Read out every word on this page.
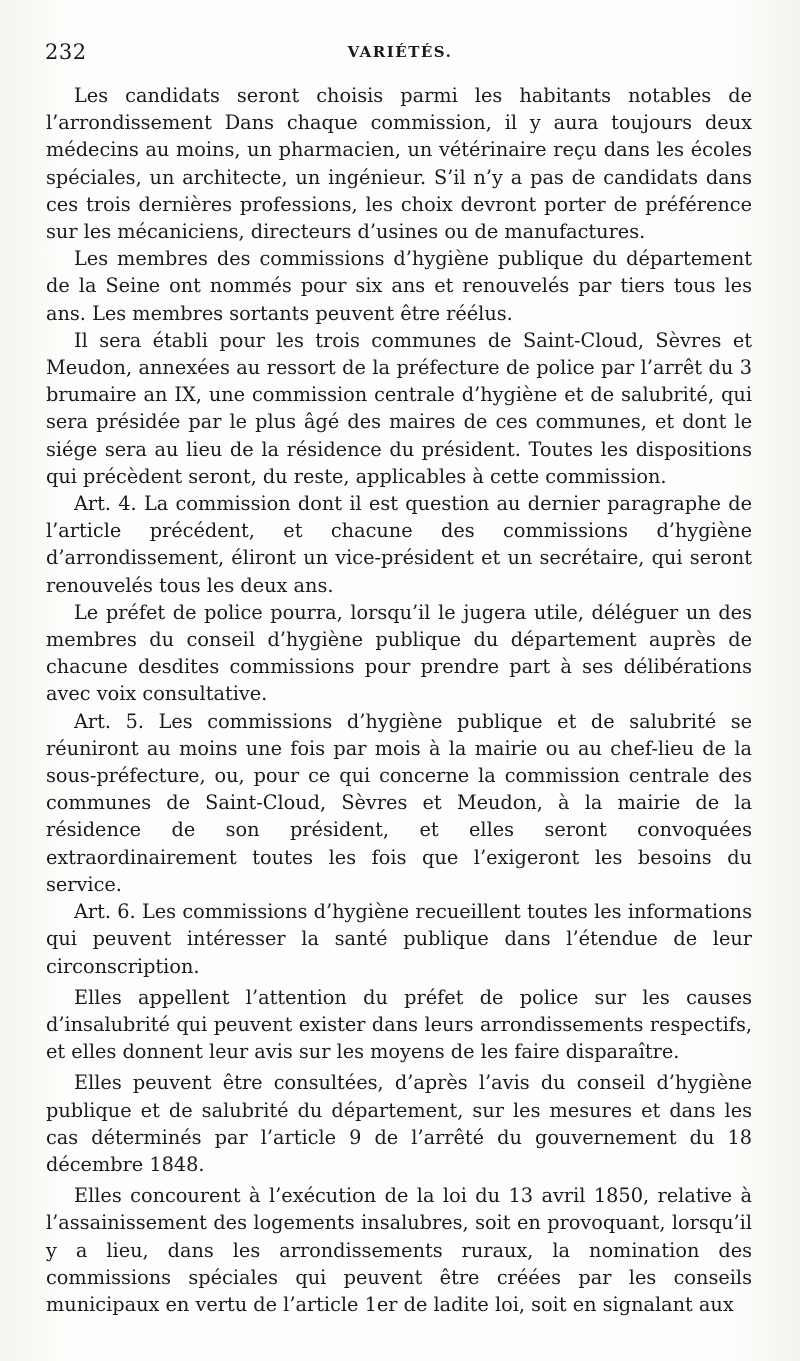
232	VARIÉTÉS.

Les candidats seront choisis parmi les habitants notables de l’arrondissement Dans chaque commission, il y aura toujours deux médecins au moins, un pharmacien, un vétérinaire reçu dans les écoles spéciales, un architecte, un ingénieur. S’il n’y a pas de candidats dans ces trois dernières professions, les choix devront porter de préférence sur les mécaniciens, directeurs d’usines ou de manufactures.

Les membres des commissions d’hygiène publique du département de la Seine ont nommés pour six ans et renouvelés par tiers tous les ans. Les membres sortants peuvent être réélus.

Il sera établi pour les trois communes de Saint-Cloud, Sèvres et Meudon, annexées au ressort de la préfecture de police par l’arrêt du 3 brumaire an IX, une commission centrale d’hygiène et de salubrité, qui sera présidée par le plus âgé des maires de ces communes, et dont le siége sera au lieu de la résidence du président. Toutes les dispositions qui précèdent seront, du reste, applicables à cette commission.

Art. 4. La commission dont il est question au dernier paragraphe de l’article précédent, et chacune des commissions d’hygiène d’arrondissement, éliront un vice-président et un secrétaire, qui seront renouvelés tous les deux ans.

Le préfet de police pourra, lorsqu’il le jugera utile, déléguer un des membres du conseil d’hygiène publique du département auprès de chacune desdites commissions pour prendre part à ses délibérations avec voix consultative.

Art. 5. Les commissions d’hygiène publique et de salubrité se réuniront au moins une fois par mois à la mairie ou au chef-lieu de la sous-préfecture, ou, pour ce qui concerne la commission centrale des communes de Saint-Cloud, Sèvres et Meudon, à la mairie de la résidence de son président, et elles seront convoquées extraordinairement toutes les fois que l’exigeront les besoins du service.

Art. 6. Les commissions d’hygiène recueillent toutes les informations qui peuvent intéresser la santé publique dans l’étendue de leur circonscription.

Elles appellent l’attention du préfet de police sur les causes d’insalubrité qui peuvent exister dans leurs arrondissements respectifs, et elles donnent leur avis sur les moyens de les faire disparaître.

Elles peuvent être consultées, d’après l’avis du conseil d’hygiène publique et de salubrité du département, sur les mesures et dans les cas déterminés par l’article 9 de l’arrêté du gouvernement du 18 décembre 1848.

Elles concourent à l’exécution de la loi du 13 avril 1850, relative à l’assainissement des logements insalubres, soit en provoquant, lorsqu’il y a lieu, dans les arrondissements ruraux, la nomination des commissions spéciales qui peuvent être créées par les conseils municipaux en vertu de l’article 1er de ladite loi, soit en signalant aux
